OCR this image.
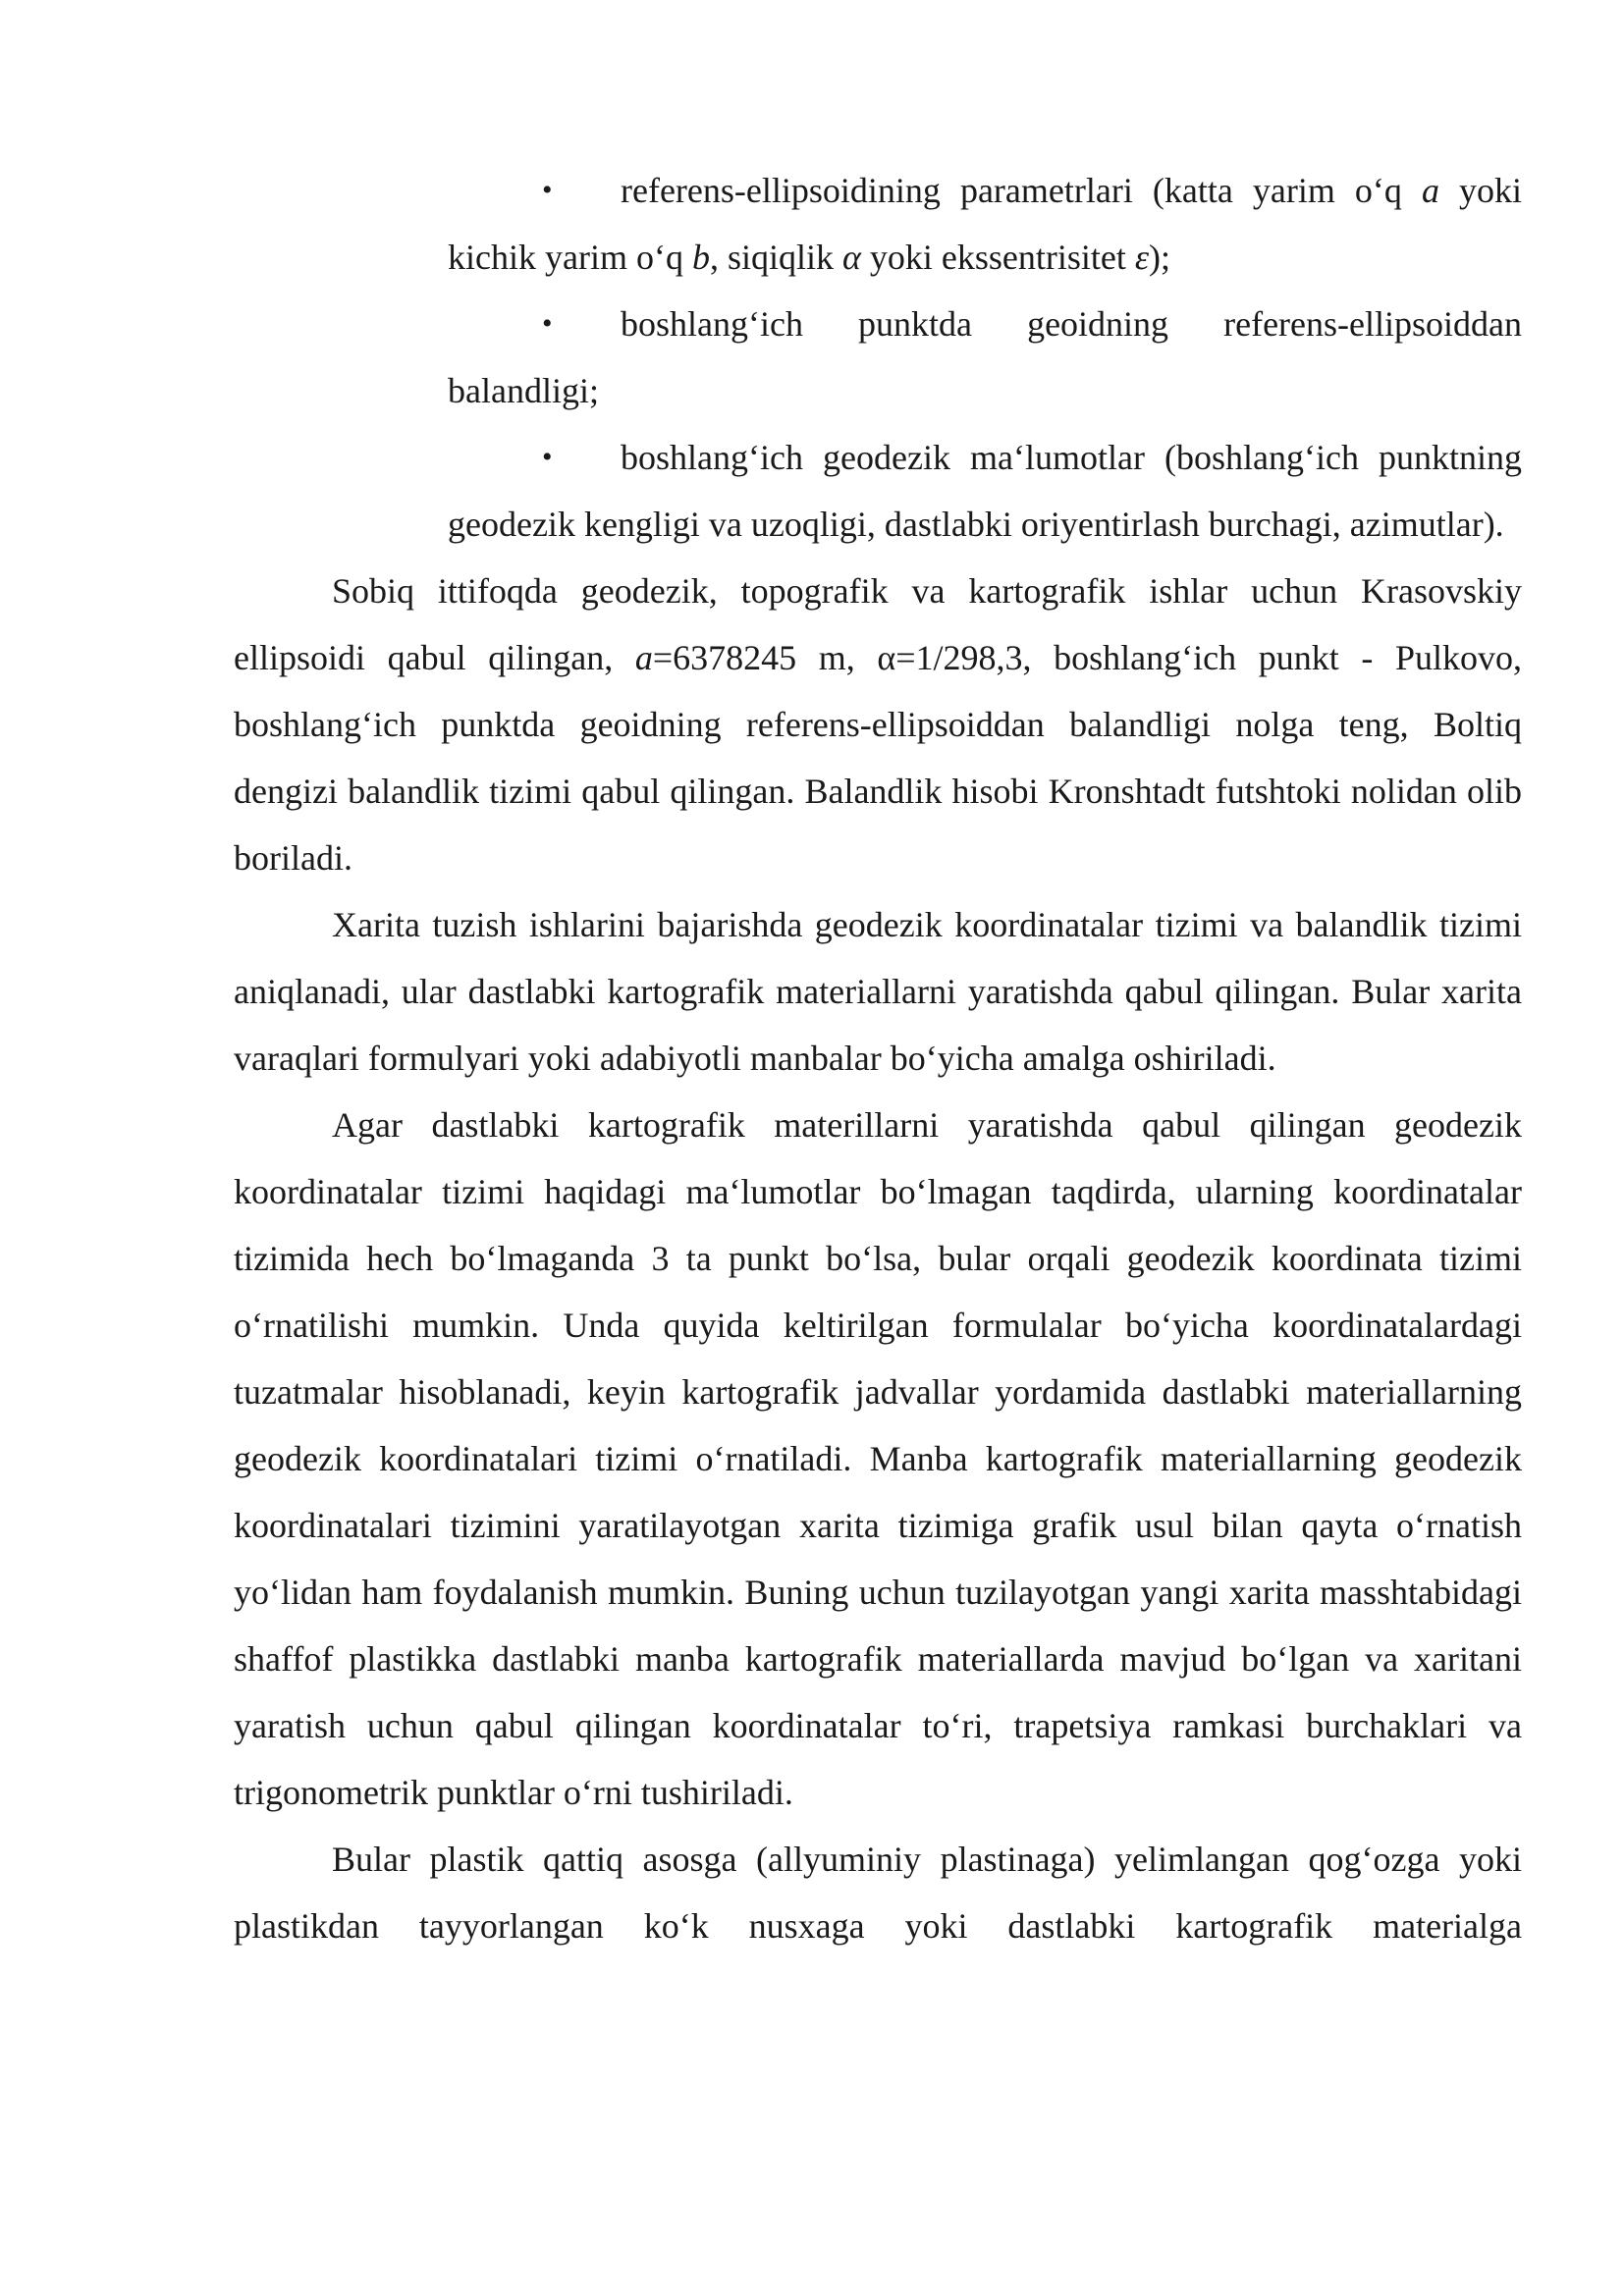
• referens-ellipsoidining parametrlari (katta yarim oʻq a yoki kichik yarim oʻq b, siqiqlik α yoki ekssentrisitet ε);

• boshlangʻich punktda geoidning referens-ellipsoiddan balandligi;

• boshlangʻich geodezik maʻlumotlar (boshlangʻich punktning geodezik kengligi va uzoqligi, dastlabki oriyentirlash burchagi, azimutlar).

Sobiq ittifoqda geodezik, topografik va kartografik ishlar uchun Krasovskiy ellipsoidi qabul qilingan, a=6378245 m, α=1/298,3, boshlangʻich punkt - Pulkovo, boshlangʻich punktda geoidning referens-ellipsoiddan balandligi nolga teng, Boltiq dengizi balandlik tizimi qabul qilingan. Balandlik hisobi Kronshtadt futshtoki nolidan olib boriladi.

Xarita tuzish ishlarini bajarishda geodezik koordinatalar tizimi va balandlik tizimi aniqlanadi, ular dastlabki kartografik materiallarni yaratishda qabul qilingan. Bular xarita varaqlari formulyari yoki adabiyotli manbalar boʻyicha amalga oshiriladi.

Agar dastlabki kartografik materillarni yaratishda qabul qilingan geodezik koordinatalar tizimi haqidagi maʻlumotlar boʻlmagan taqdirda, ularning koordinatalar tizimida hech boʻlmaganda 3 ta punkt boʻlsa, bular orqali geodezik koordinata tizimi oʻrnatilishi mumkin. Unda quyida keltirilgan formulalar boʻyicha koordinatalardagi tuzatmalar hisoblanadi, keyin kartografik jadvallar yordamida dastlabki materiallarning geodezik koordinatalari tizimi oʻrnatiladi. Manba kartografik materiallarning geodezik koordinatalari tizimini yaratilayotgan xarita tizimiga grafik usul bilan qayta oʻrnatish yoʻlidan ham foydalanish mumkin. Buning uchun tuzilayotgan yangi xarita masshtabidagi shaffof plastikka dastlabki manba kartografik materiallarda mavjud boʻlgan va xaritani yaratish uchun qabul qilingan koordinatalar toʻri, trapetsiya ramkasi burchaklari va trigonometrik punktlar oʻrni tushiriladi.

Bular plastik qattiq asosga (allyuminiy plastinaga) yelimlangan qogʻozga yoki plastikdan tayyorlangan koʻk nusxaga yoki dastlabki kartografik materialga
